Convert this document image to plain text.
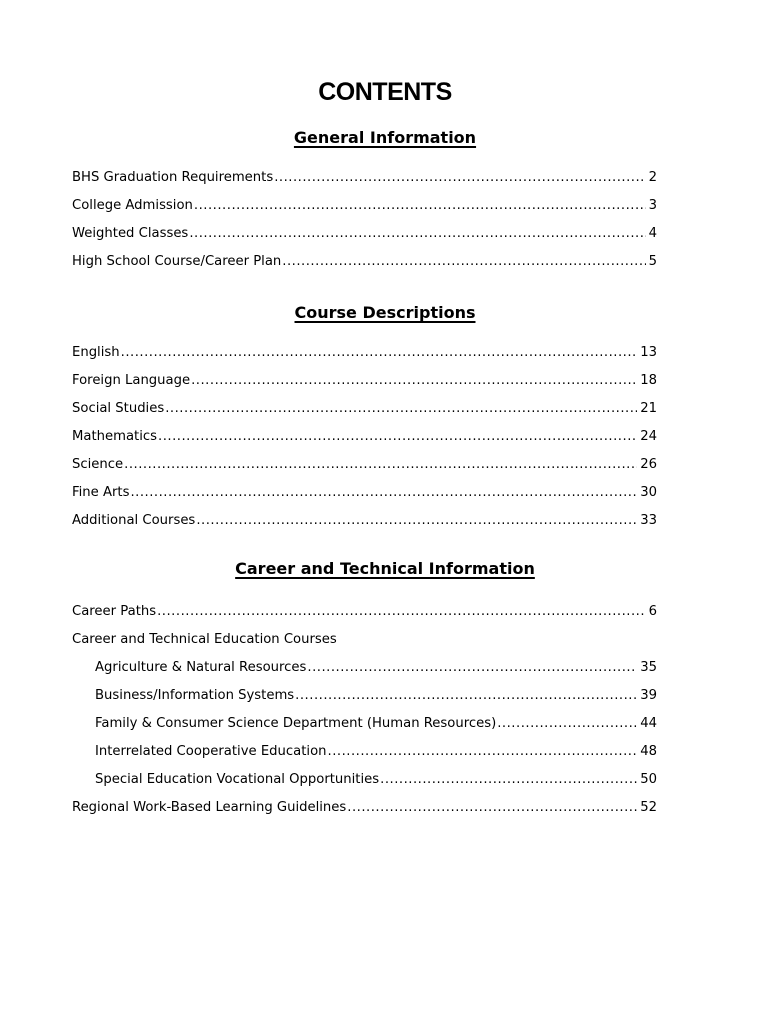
CONTENTS
General Information
BHS Graduation Requirements .....	2
College Admission .....	3
Weighted Classes .....	4
High School Course/Career Plan .....	5
Course Descriptions
English .....	13
Foreign Language .....	18
Social Studies .....	21
Mathematics .....	24
Science .....	26
Fine Arts .....	30
Additional Courses .....	33
Career and Technical Information
Career Paths .....	6
Career and Technical Education Courses
Agriculture & Natural Resources .....	35
Business/Information Systems .....	39
Family & Consumer Science Department (Human Resources) .....	44
Interrelated Cooperative Education .....	48
Special Education Vocational Opportunities .....	50
Regional Work-Based Learning Guidelines .....	52
